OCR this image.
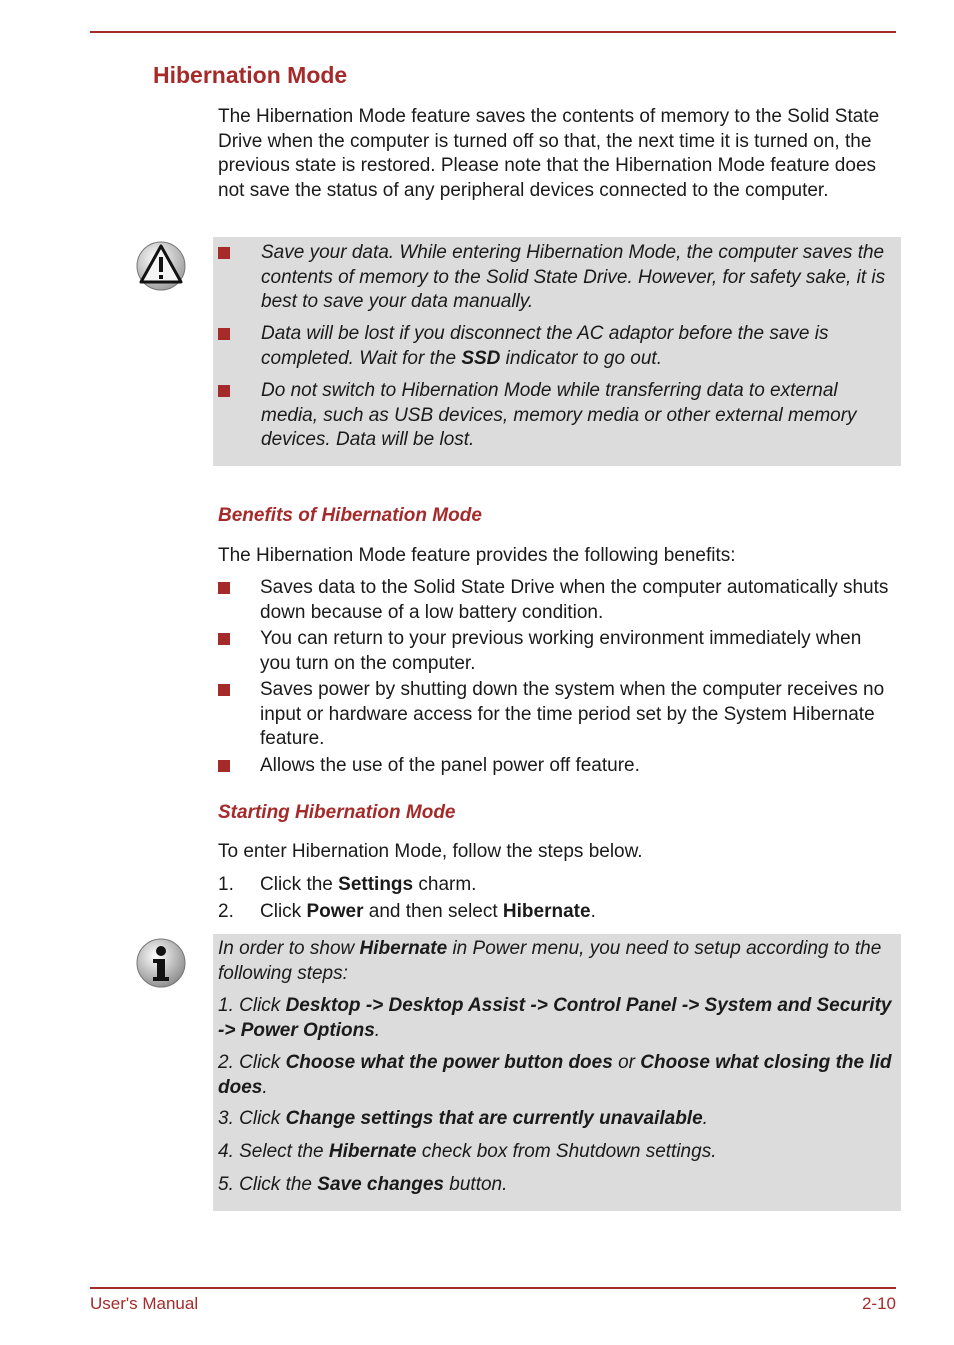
Hibernation Mode

The Hibernation Mode feature saves the contents of memory to the Solid State Drive when the computer is turned off so that, the next time it is turned on, the previous state is restored. Please note that the Hibernation Mode feature does not save the status of any peripheral devices connected to the computer.

Save your data. While entering Hibernation Mode, the computer saves the contents of memory to the Solid State Drive. However, for safety sake, it is best to save your data manually.
Data will be lost if you disconnect the AC adaptor before the save is completed. Wait for the SSD indicator to go out.
Do not switch to Hibernation Mode while transferring data to external media, such as USB devices, memory media or other external memory devices. Data will be lost.
Benefits of Hibernation Mode

The Hibernation Mode feature provides the following benefits:

Saves data to the Solid State Drive when the computer automatically shuts down because of a low battery condition.
You can return to your previous working environment immediately when you turn on the computer.
Saves power by shutting down the system when the computer receives no input or hardware access for the time period set by the System Hibernate feature.
Allows the use of the panel power off feature.
Starting Hibernation Mode

To enter Hibernation Mode, follow the steps below.

1. Click the Settings charm.
2. Click Power and then select Hibernate.
In order to show Hibernate in Power menu, you need to setup according to the following steps:
1. Click Desktop -> Desktop Assist -> Control Panel -> System and Security -> Power Options.
2. Click Choose what the power button does or Choose what closing the lid does.
3. Click Change settings that are currently unavailable.
4. Select the Hibernate check box from Shutdown settings.
5. Click the Save changes button.
User's Manual	2-10
